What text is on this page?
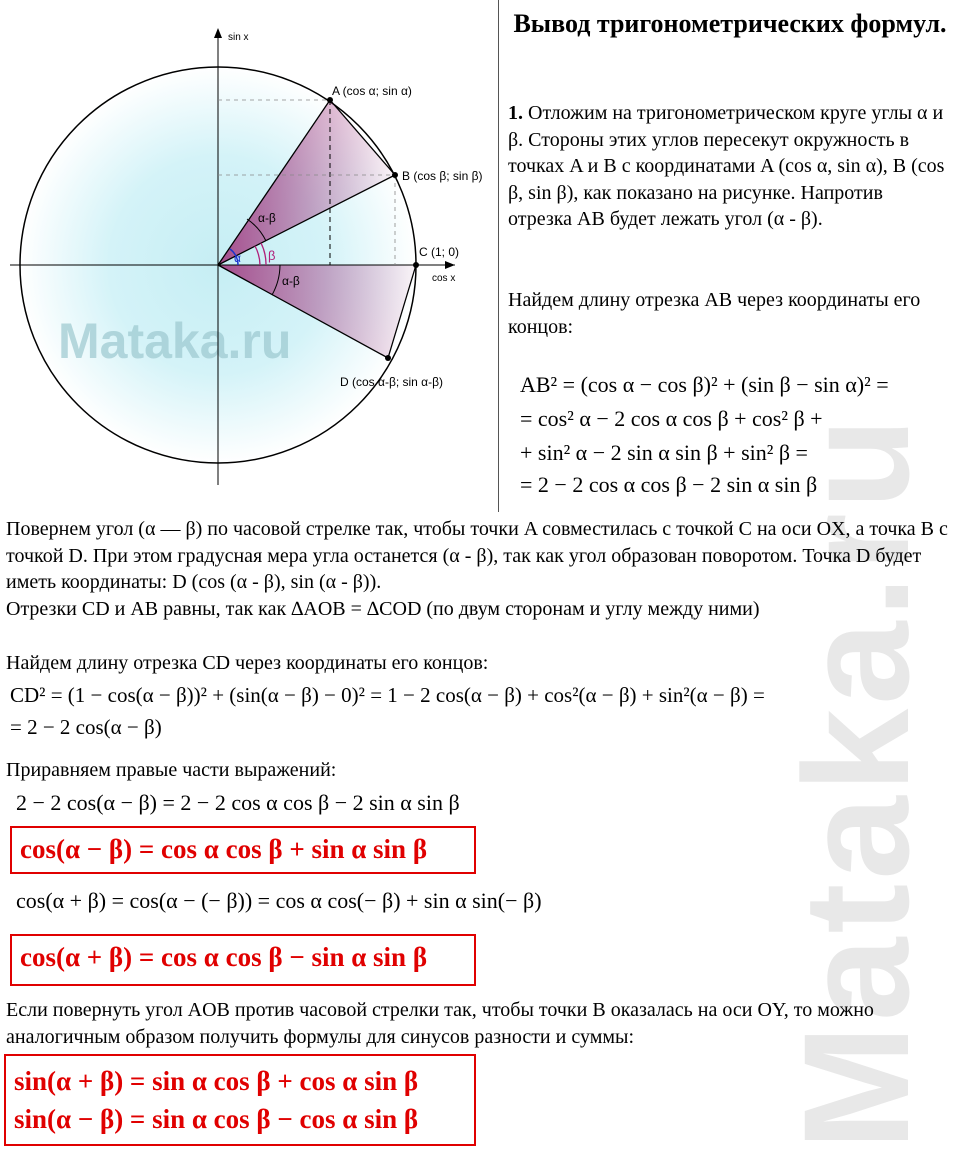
Mataka.ru
Mataka.ru
sin x
cos x
A (cos α; sin α)
B (cos β; sin β)
C (1; 0)
D (cos α-β; sin α-β)
α-β
α-β
α β
Вывод тригонометрических формул.
1. Отложим на тригонометрическом круге углы α и β. Стороны этих углов пересекут окружность в точках A и B с координатами A (cos α, sin α), B (cos β, sin β), как показано на рисунке. Напротив отрезка AB будет лежать угол (α - β).
Найдем длину отрезка AB через координаты его концов:
AB² = (cos α − cos β)² + (sin β − sin α)² =
= cos² α − 2 cos α cos β + cos² β +
+ sin² α − 2 sin α sin β + sin² β =
= 2 − 2 cos α cos β − 2 sin α sin β
Повернем угол (α — β) по часовой стрелке так, чтобы точки A совместилась с точкой C на оси OX, а точка B с точкой D. При этом градусная мера угла останется (α - β), так как угол образован поворотом. Точка D будет иметь координаты: D (cos (α - β), sin (α - β)).
Отрезки CD и AB равны, так как ∆AOB = ∆COD (по двум сторонам и углу между ними)
Найдем длину отрезка CD через координаты его концов:
CD² = (1 − cos(α − β))² + (sin(α − β) − 0)² = 1 − 2 cos(α − β) + cos²(α − β) + sin²(α − β) =
= 2 − 2 cos(α − β)
Приравняем правые части выражений:
2 − 2 cos(α − β) = 2 − 2 cos α cos β − 2 sin α sin β
cos(α − β) = cos α cos β + sin α sin β
cos(α + β) = cos(α − (− β)) = cos α cos(− β) + sin α sin(− β)
cos(α + β) = cos α cos β − sin α sin β
Если повернуть угол AOB против часовой стрелки так, чтобы точки B оказалась на оси OY, то можно аналогичным образом получить формулы для синусов разности и суммы:
sin(α + β) = sin α cos β + cos α sin β
sin(α − β) = sin α cos β − cos α sin β
